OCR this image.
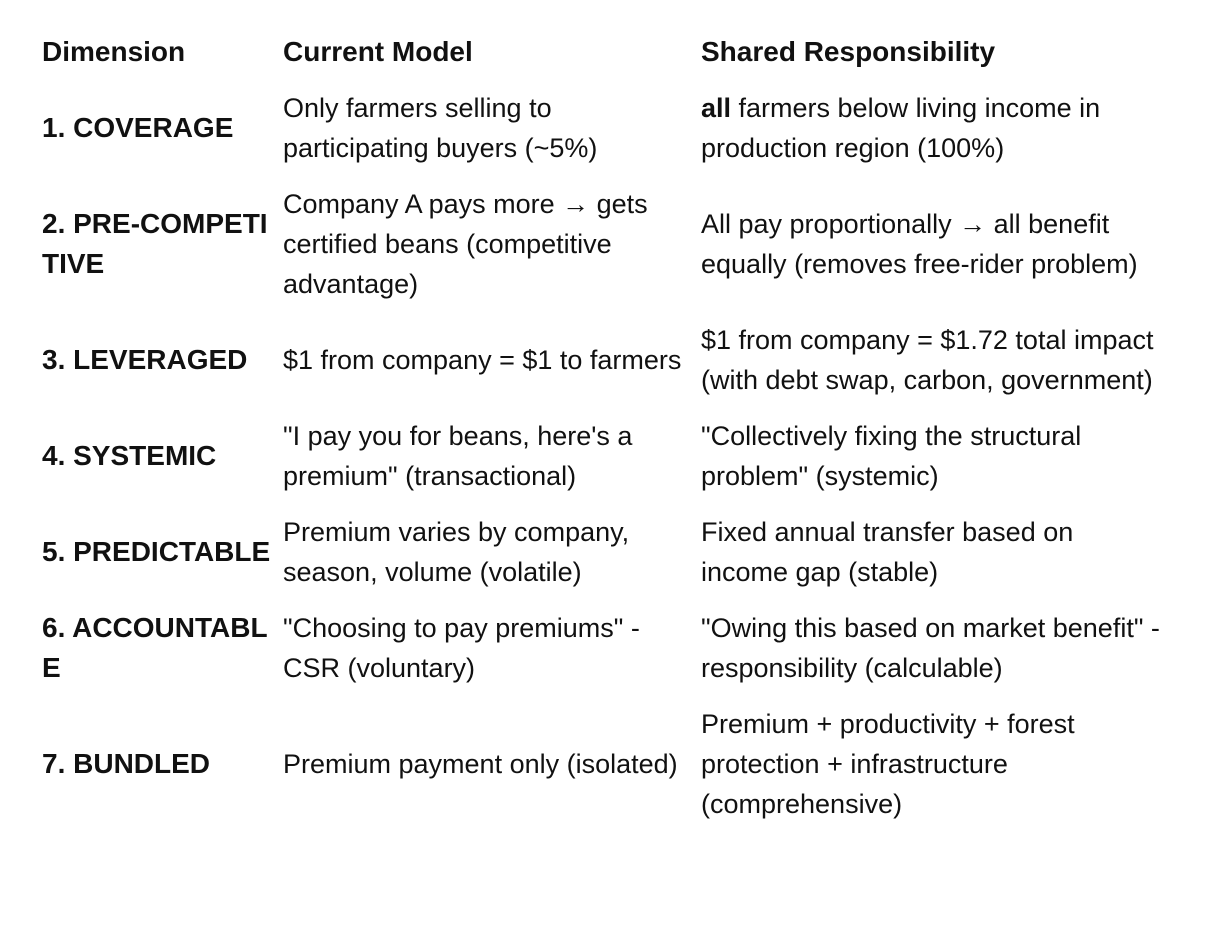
Dimension	Current Model	Shared Responsibility
1. COVERAGE	Only farmers selling to participating buyers (~5%)	all farmers below living income in production region (100%)
2. PRE-COMPETITIVE	Company A pays more → gets certified beans (competitive advantage)	All pay proportionally → all benefit equally (removes free-rider problem)
3. LEVERAGED	$1 from company = $1 to farmers	$1 from company = $1.72 total impact (with debt swap, carbon, government)
4. SYSTEMIC	"I pay you for beans, here's a premium" (transactional)	"Collectively fixing the structural problem" (systemic)
5. PREDICTABLE	Premium varies by company, season, volume (volatile)	Fixed annual transfer based on income gap (stable)
6. ACCOUNTABLE	"Choosing to pay premiums" - CSR (voluntary)	"Owing this based on market benefit" - responsibility (calculable)
7. BUNDLED	Premium payment only (isolated)	Premium + productivity + forest protection + infrastructure (comprehensive)
